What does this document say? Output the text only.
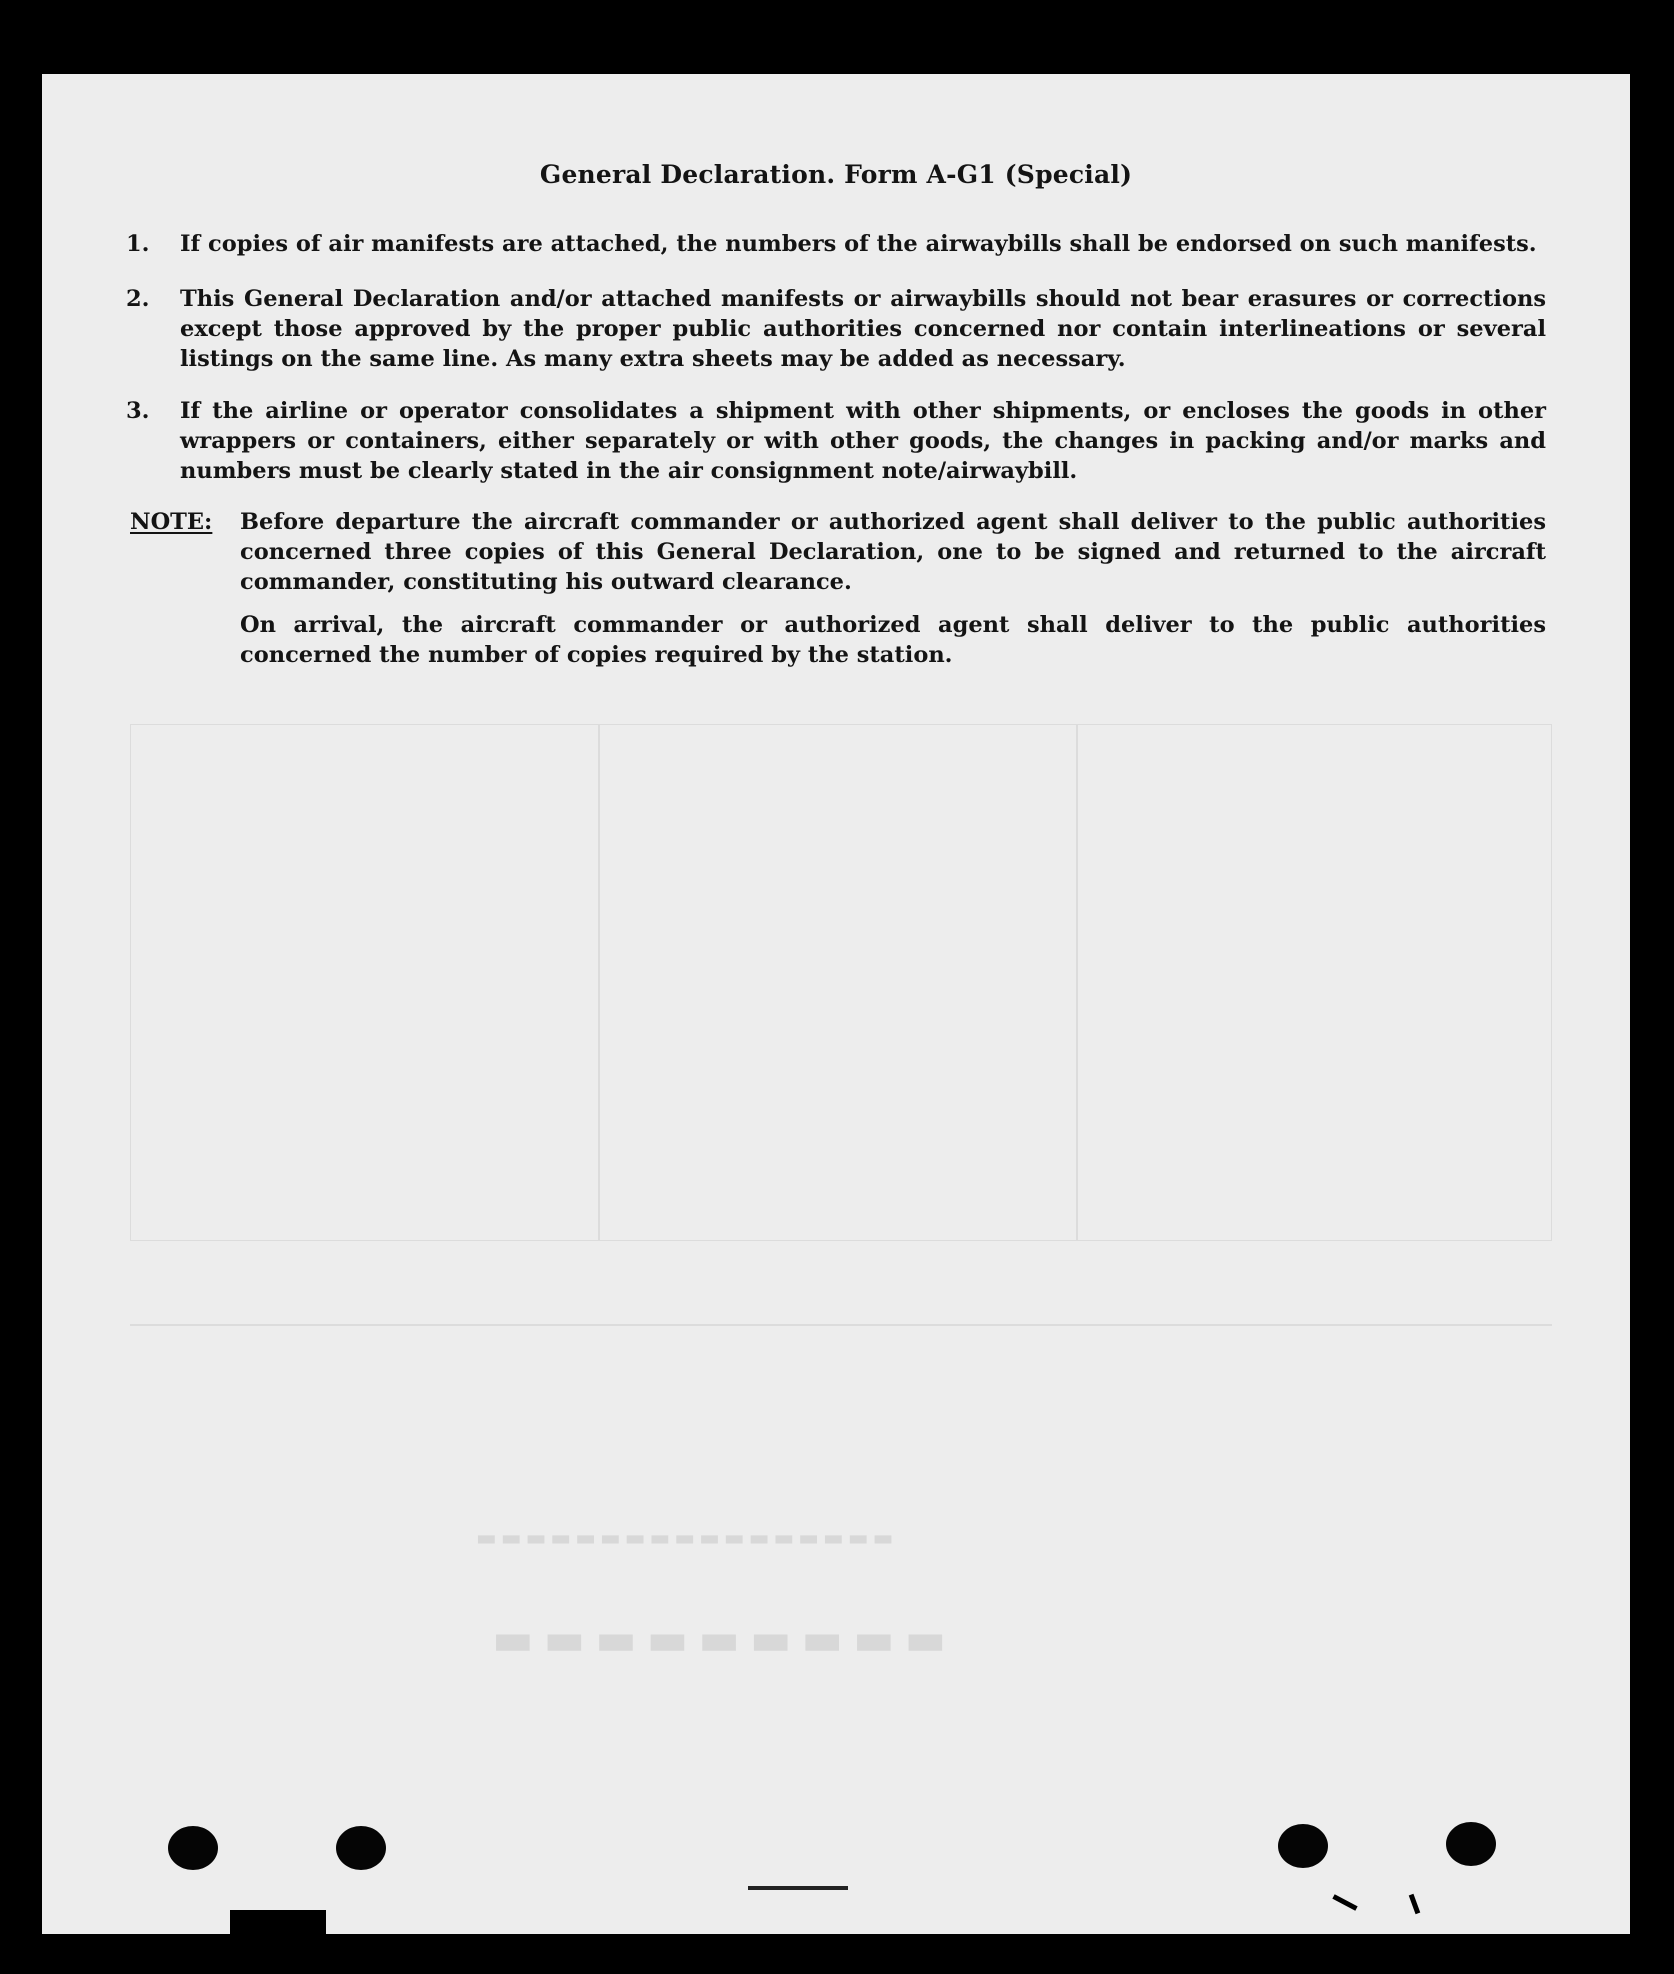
▬▬▬▬▬▬▬▬▬
▬▬▬▬▬▬▬▬▬▬▬▬▬▬▬▬▬
General Declaration. Form A-G1 (Special)
1. If copies of air manifests are attached, the numbers of the airwaybills shall be endorsed on such manifests.
2. This General Declaration and/or attached manifests or airwaybills should not bear erasures or corrections except those approved by the proper public authorities concerned nor contain interlineations or several listings on the same line. As many extra sheets may be added as necessary.
3. If the airline or operator consolidates a shipment with other shipments, or encloses the goods in other wrappers or containers, either separately or with other goods, the changes in packing and/or marks and numbers must be clearly stated in the air consignment note/airwaybill.
NOTE: Before departure the aircraft commander or authorized agent shall deliver to the public authorities concerned three copies of this General Declaration, one to be signed and returned to the aircraft commander, constituting his outward clearance.

On arrival, the aircraft commander or authorized agent shall deliver to the public authorities concerned the number of copies required by the station.
